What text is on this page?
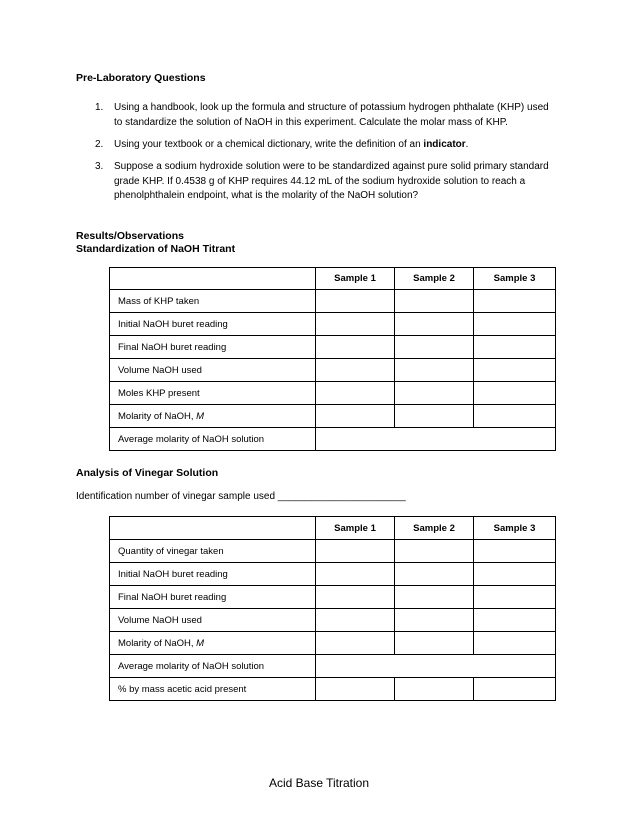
Pre-Laboratory Questions
1. Using a handbook, look up the formula and structure of potassium hydrogen phthalate (KHP) used to standardize the solution of NaOH in this experiment. Calculate the molar mass of KHP.
2. Using your textbook or a chemical dictionary, write the definition of an indicator.
3. Suppose a sodium hydroxide solution were to be standardized against pure solid primary standard grade KHP. If 0.4538 g of KHP requires 44.12 mL of the sodium hydroxide solution to reach a phenolphthalein endpoint, what is the molarity of the NaOH solution?
Results/Observations
Standardization of NaOH Titrant
	Sample 1	Sample 2	Sample 3
Mass of KHP taken			
Initial NaOH buret reading			
Final NaOH buret reading			
Volume NaOH used			
Moles KHP present			
Molarity of NaOH, M			
Average molarity of NaOH solution			
Analysis of Vinegar Solution
Identification number of vinegar sample used _______________________
	Sample 1	Sample 2	Sample 3
Quantity of vinegar taken			
Initial NaOH buret reading			
Final NaOH buret reading			
Volume NaOH used			
Molarity of NaOH, M			
Average molarity of NaOH solution			
% by mass acetic acid present			
Acid Base Titration
